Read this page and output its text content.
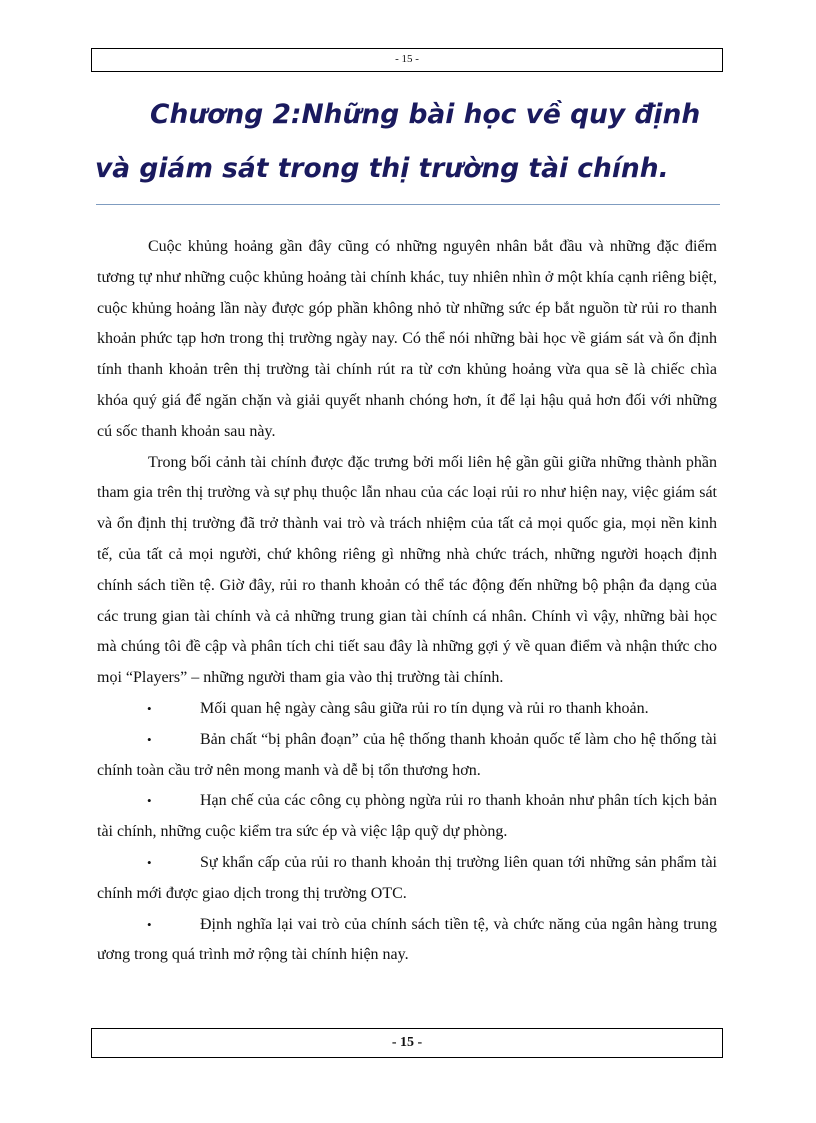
- 15 -
Chương 2:Những bài học về quy định
và giám sát trong thị trường tài chính.

Cuộc khủng hoảng gần đây cũng có những nguyên nhân bắt đầu và những đặc điểm tương tự như những cuộc khủng hoảng tài chính khác, tuy nhiên nhìn ở một khía cạnh riêng biệt, cuộc khủng hoảng lần này được góp phần không nhỏ từ những sức ép bắt nguồn từ rủi ro thanh khoản phức tạp hơn trong thị trường ngày nay. Có thể nói những bài học về giám sát và ổn định tính thanh khoản trên thị trường tài chính rút ra từ cơn khủng hoảng vừa qua sẽ là chiếc chìa khóa quý giá để ngăn chặn và giải quyết nhanh chóng hơn, ít để lại hậu quả hơn đối với những cú sốc thanh khoản sau này.

Trong bối cảnh tài chính được đặc trưng bởi mối liên hệ gần gũi giữa những thành phần tham gia trên thị trường và sự phụ thuộc lẫn nhau của các loại rủi ro như hiện nay, việc giám sát và ổn định thị trường đã trở thành vai trò và trách nhiệm của tất cả mọi quốc gia, mọi nền kinh tế, của tất cả mọi người, chứ không riêng gì những nhà chức trách, những người hoạch định chính sách tiền tệ. Giờ đây, rủi ro thanh khoản có thể tác động đến những bộ phận đa dạng của các trung gian tài chính và cả những trung gian tài chính cá nhân. Chính vì vậy, những bài học mà chúng tôi đề cập và phân tích chi tiết sau đây là những gợi ý về quan điểm và nhận thức cho mọi “Players” – những người tham gia vào thị trường tài chính.

•	Mối quan hệ ngày càng sâu giữa rủi ro tín dụng và rủi ro thanh khoản.

•	Bản chất “bị phân đoạn” của hệ thống thanh khoản quốc tế làm cho hệ thống tài chính toàn cầu trở nên mong manh và dễ bị tổn thương hơn.

•	Hạn chế của các công cụ phòng ngừa rủi ro thanh khoản như phân tích kịch bản tài chính, những cuộc kiểm tra sức ép và việc lập quỹ dự phòng.

•	Sự khẩn cấp của rủi ro thanh khoản thị trường liên quan tới những sản phẩm tài chính mới được giao dịch trong thị trường OTC.

•	Định nghĩa lại vai trò của chính sách tiền tệ, và chức năng của ngân hàng trung ương trong quá trình mở rộng tài chính hiện nay.

- 15 -
